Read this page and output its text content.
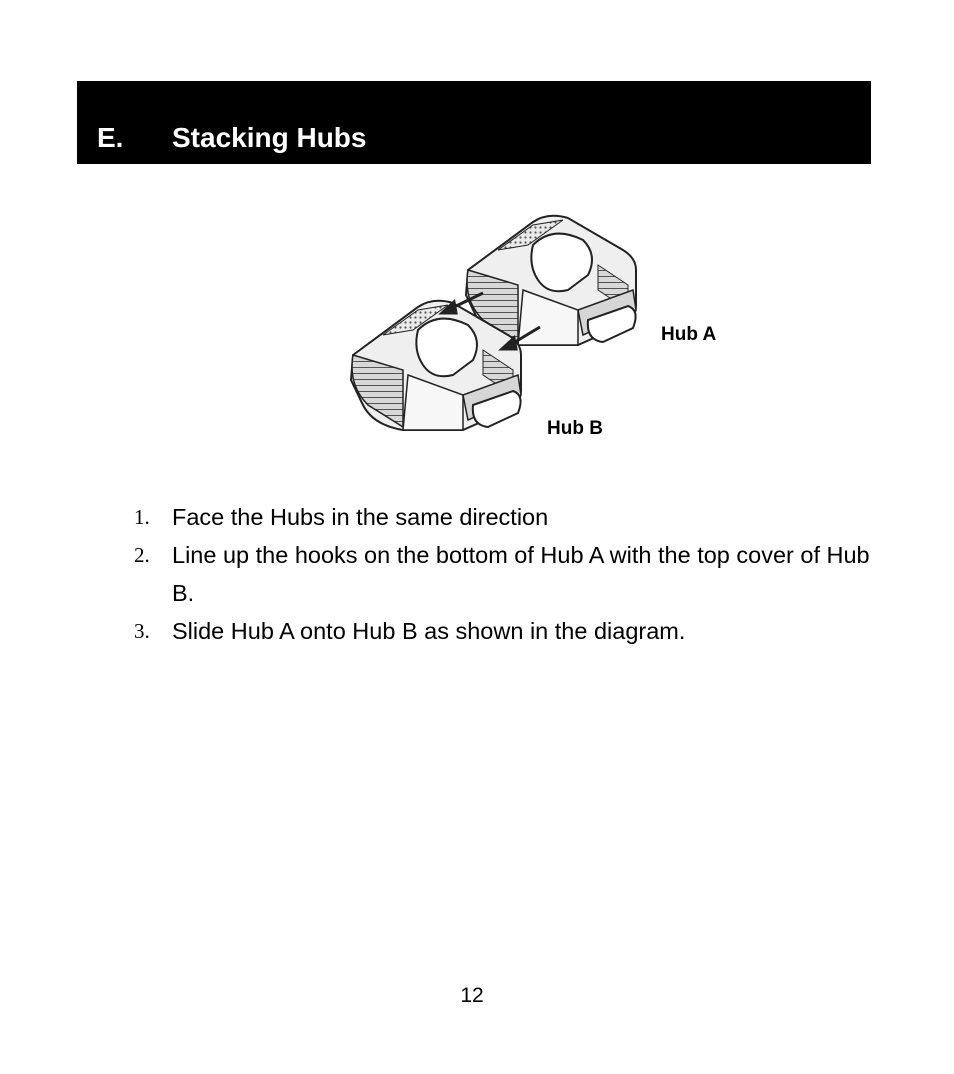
E. Stacking Hubs
Hub A
Hub B
1. Face the Hubs in the same direction
2. Line up the hooks on the bottom of Hub A with the top cover of Hub B.
3. Slide Hub A onto Hub B as shown in the diagram.
12
